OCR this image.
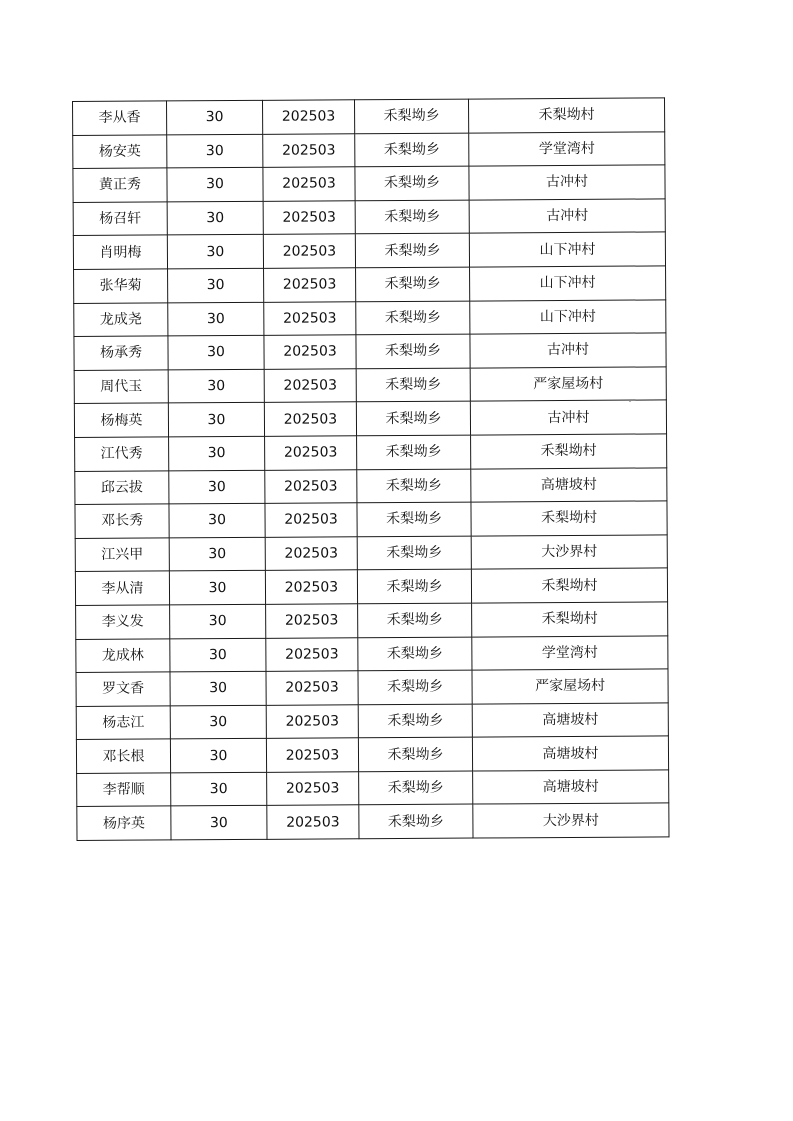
李从香	30	202503	禾梨坳乡	禾梨坳村
杨安英	30	202503	禾梨坳乡	学堂湾村
黄正秀	30	202503	禾梨坳乡	古冲村
杨召轩	30	202503	禾梨坳乡	古冲村
肖明梅	30	202503	禾梨坳乡	山下冲村
张华菊	30	202503	禾梨坳乡	山下冲村
龙成尧	30	202503	禾梨坳乡	山下冲村
杨承秀	30	202503	禾梨坳乡	古冲村
周代玉	30	202503	禾梨坳乡	严家屋场村
杨梅英	30	202503	禾梨坳乡	古冲村
江代秀	30	202503	禾梨坳乡	禾梨坳村
邱云拔	30	202503	禾梨坳乡	高塘坡村
邓长秀	30	202503	禾梨坳乡	禾梨坳村
江兴甲	30	202503	禾梨坳乡	大沙界村
李从清	30	202503	禾梨坳乡	禾梨坳村
李义发	30	202503	禾梨坳乡	禾梨坳村
龙成林	30	202503	禾梨坳乡	学堂湾村
罗文香	30	202503	禾梨坳乡	严家屋场村
杨志江	30	202503	禾梨坳乡	高塘坡村
邓长根	30	202503	禾梨坳乡	高塘坡村
李帮顺	30	202503	禾梨坳乡	高塘坡村
杨序英	30	202503	禾梨坳乡	大沙界村
